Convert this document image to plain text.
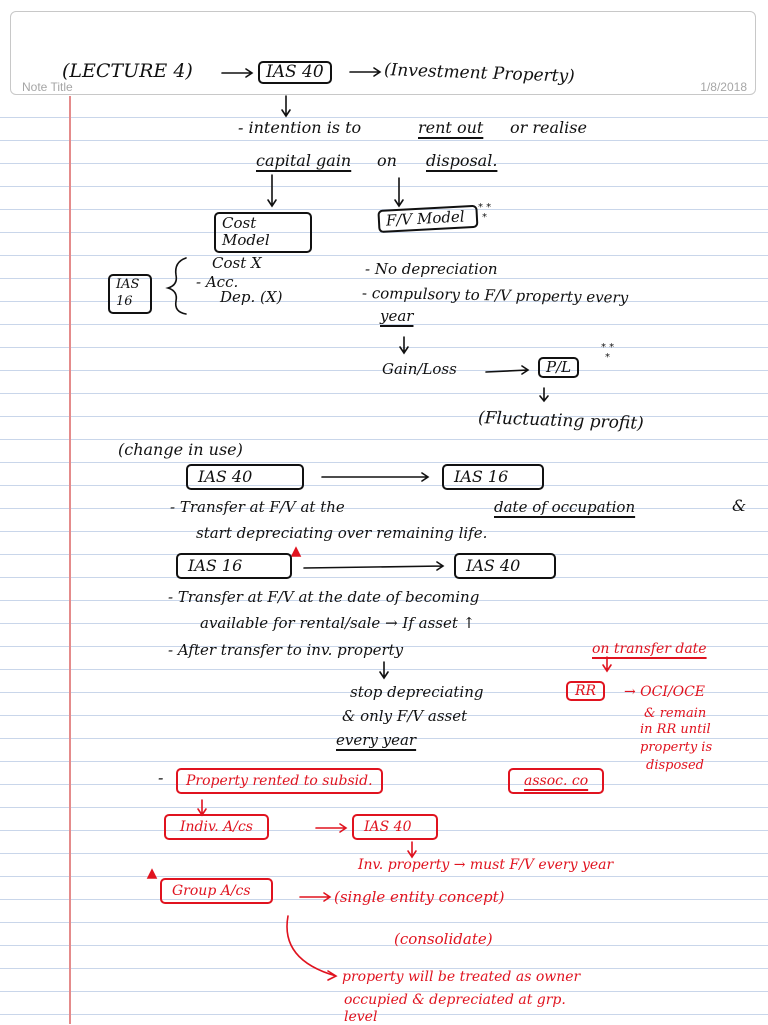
Note Title	1/8/2018
* *
*
* *
*
(LECTURE 4)	IAS 40	(Investment Property)
- intention is to	rent out or realise
capital gain on disposal.
Cost Model
F/V Model
IAS 16
Cost X
- Acc.
Dep. (X)
- No depreciation
- compulsory to F/V property every
year
Gain/Loss	P/L
(Fluctuating profit)
(change in use)
IAS 40	IAS 16
- Transfer at F/V at the	date of occupation	&
start depreciating over remaining life.
IAS 16	IAS 40
- Transfer at F/V at the date of becoming
available for rental/sale → If asset ↑
- After transfer to inv. property	on transfer date
stop depreciating
& only F/V asset
every year
RR	→ OCI/OCE
& remain
in RR until
property is
disposed
-	Property rented to subsid.	assoc. co
Indiv. A/cs	IAS 40
Inv. property → must F/V every year
Group A/cs	(single entity concept)
(consolidate)
property will be treated as owner
occupied & depreciated at grp.
level
